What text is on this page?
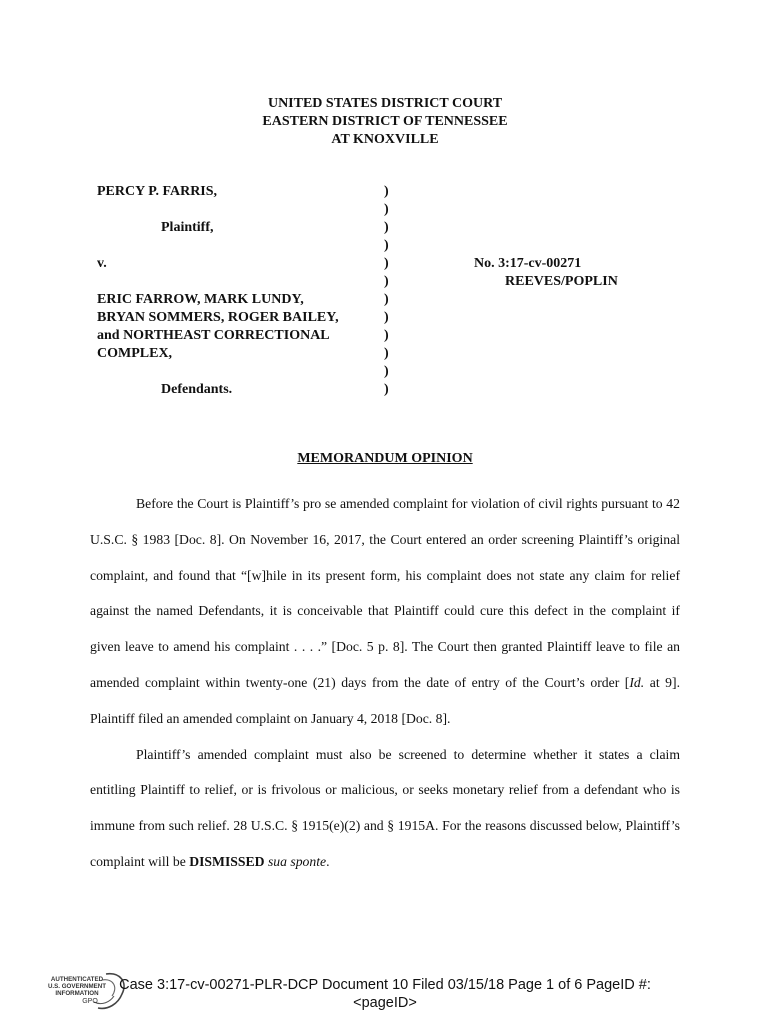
UNITED STATES DISTRICT COURT
EASTERN DISTRICT OF TENNESSEE
AT KNOXVILLE
PERCY P. FARRIS,
Plaintiff,
v.
ERIC FARROW, MARK LUNDY,
BRYAN SOMMERS, ROGER BAILEY,
and NORTHEAST CORRECTIONAL
COMPLEX,
Defendants.
)
)
)
)
)
)
)
)
)
)
)
)
No. 3:17-cv-00271
REEVES/POPLIN
MEMORANDUM OPINION

Before the Court is Plaintiff’s pro se amended complaint for violation of civil rights pursuant to 42 U.S.C. § 1983 [Doc. 8]. On November 16, 2017, the Court entered an order screening Plaintiff’s original complaint, and found that “[w]hile in its present form, his complaint does not state any claim for relief against the named Defendants, it is conceivable that Plaintiff could cure this defect in the complaint if given leave to amend his complaint . . . .” [Doc. 5 p. 8]. The Court then granted Plaintiff leave to file an amended complaint within twenty-one (21) days from the date of entry of the Court’s order [Id. at 9]. Plaintiff filed an amended complaint on January 4, 2018 [Doc. 8].

Plaintiff’s amended complaint must also be screened to determine whether it states a claim entitling Plaintiff to relief, or is frivolous or malicious, or seeks monetary relief from a defendant who is immune from such relief. 28 U.S.C. § 1915(e)(2) and § 1915A. For the reasons discussed below, Plaintiff’s complaint will be DISMISSED sua sponte.

AUTHENTICATED
U.S. GOVERNMENT
INFORMATION
GPO
Case 3:17-cv-00271-PLR-DCP Document 10 Filed 03/15/18 Page 1 of 6 PageID #:
<pageID>
